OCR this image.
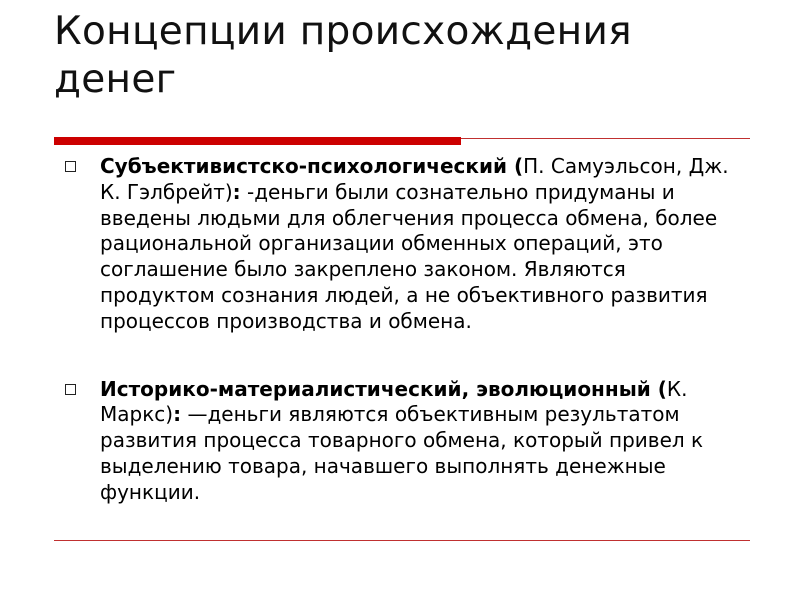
Концепции происхождения денег
Субъективистско-психологический (П. Самуэльсон, Дж. К. Гэлбрейт): -деньги были сознательно придуманы и введены людьми для облегчения процесса обмена, более рациональной организации обменных операций, это соглашение было закреплено законом. Являются продуктом сознания людей, а не объективного развития процессов производства и обмена.
Историко-материалистический, эволюционный (К. Маркс): —деньги являются объективным результатом развития процесса товарного обмена, который привел к выделению товара, начавшего выполнять денежные функции.
